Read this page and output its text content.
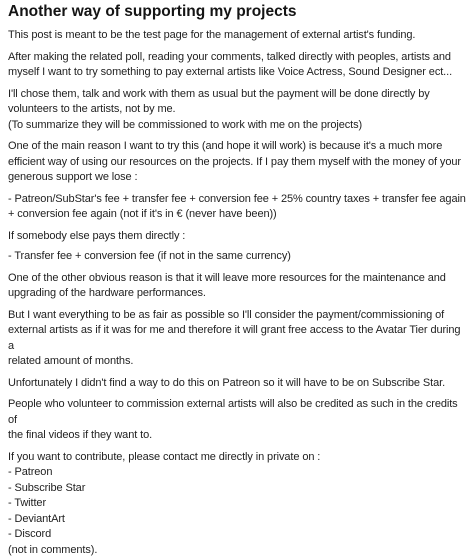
Another way of supporting my projects

This post is meant to be the test page for the management of external artist's funding.

After making the related poll, reading your comments, talked directly with peoples, artists and
myself I want to try something to pay external artists like Voice Actress, Sound Designer ect...

I'll chose them, talk and work with them as usual but the payment will be done directly by
volunteers to the artists, not by me.
(To summarize they will be commissioned to work with me on the projects)

One of the main reason I want to try this (and hope it will work) is because it's a much more
efficient way of using our resources on the projects. If I pay them myself with the money of your
generous support we lose :

- Patreon/SubStar's fee + transfer fee + conversion fee + 25% country taxes + transfer fee again
+ conversion fee again (not if it's in € (never have been))

If somebody else pays them directly :

- Transfer fee + conversion fee (if not in the same currency)

One of the other obvious reason is that it will leave more resources for the maintenance and
upgrading of the hardware performances.

But I want everything to be as fair as possible so I'll consider the payment/commissioning of
external artists as if it was for me and therefore it will grant free access to the Avatar Tier during a
related amount of months.

Unfortunately I didn't find a way to do this on Patreon so it will have to be on Subscribe Star.

People who volunteer to commission external artists will also be credited as such in the credits of
the final videos if they want to.

If you want to contribute, please contact me directly in private on :
- Patreon
- Subscribe Star
- Twitter
- DeviantArt
- Discord
(not in comments).
